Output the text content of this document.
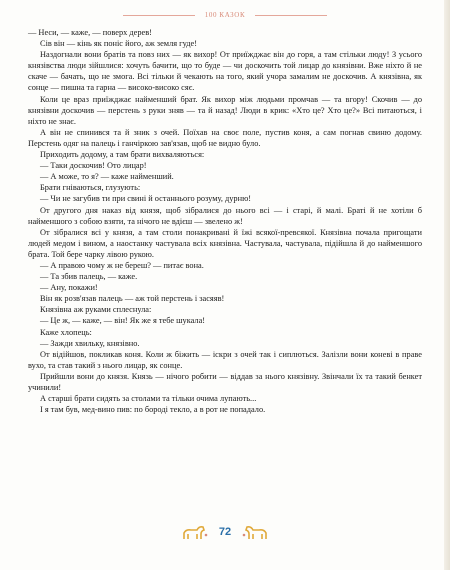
100 КАЗОК

— Неси, — каже, — поверх дерев!

Сів він — кінь як поніс його, аж земля гуде!

Наздогнали вони братів та повз них — як вихор! От приїжджає він до горя, а там стільки люду! З усього князівства люди зійшлися: хочуть бачити, що то буде — чи доскочить той лицар до князівни. Вже ніхто й не скаче — бачать, що не змога. Всі тільки й чекають на того, який учора замалим не доскочив. А князівна, як сонце — пишна та гарна — високо-високо сяє.

Коли це враз приїжджає найменший брат. Як вихор між людьми промчав — та вгору! Скочив — до князівни доскочив — перстень з руки зняв — та й назад! Люди в крик: «Хто це? Хто це?» Всі питаються, і ніхто не знає.

А він не спинився та й зник з очей. Поїхав на своє поле, пустив коня, а сам погнав свиню додому. Перстень одяг на палець і ганчіркою зав'язав, щоб не видно було.

Приходить додому, а там брати вихваляються:

— Таки доскочив! Ото лицар!

— А може, то я? — каже найменший.

Брати гніваються, глузують:

— Чи не загубив ти при свині й останнього розуму, дурню!

От другого дня наказ від князя, щоб зібралися до нього всі — і старі, й малі. Браті й не хотіли б найменшого з собою взяти, та нічого не вдієш — звелено ж!

От зібралися всі у князя, а там столи понакривані й їжі всякої-превсякої. Князівна почала пригощати людей медом і вином, а наостанку частувала всіх князівна. Частувала, частувала, підійшла й до найменшого брата. Той бере чарку лівою рукою.

— А правою чому ж не береш? — питає вона.

— Та збив палець, — каже.

— Ану, покажи!

Він як розв'язав палець — аж той перстень і засяяв!

Князівна аж руками сплеснула:

— Це ж, — каже, — він! Як же я тебе шукала!

Каже хлопець:

— Зажди хвильку, князівно.

От відійшов, покликав коня. Коли ж біжить — іскри з очей так і сиплються. Залізли вони коневі в праве вухо, та став такий з нього лицар, як сонце.

Прийшли вони до князя. Князь — нічого робити — віддав за нього князівну. Звінчали їх та такий бенкет учинили!

А старші брати сидять за столами та тільки очима лупають...

І я там був, мед-вино пив: по бороді текло, а в рот не попадало.

72
